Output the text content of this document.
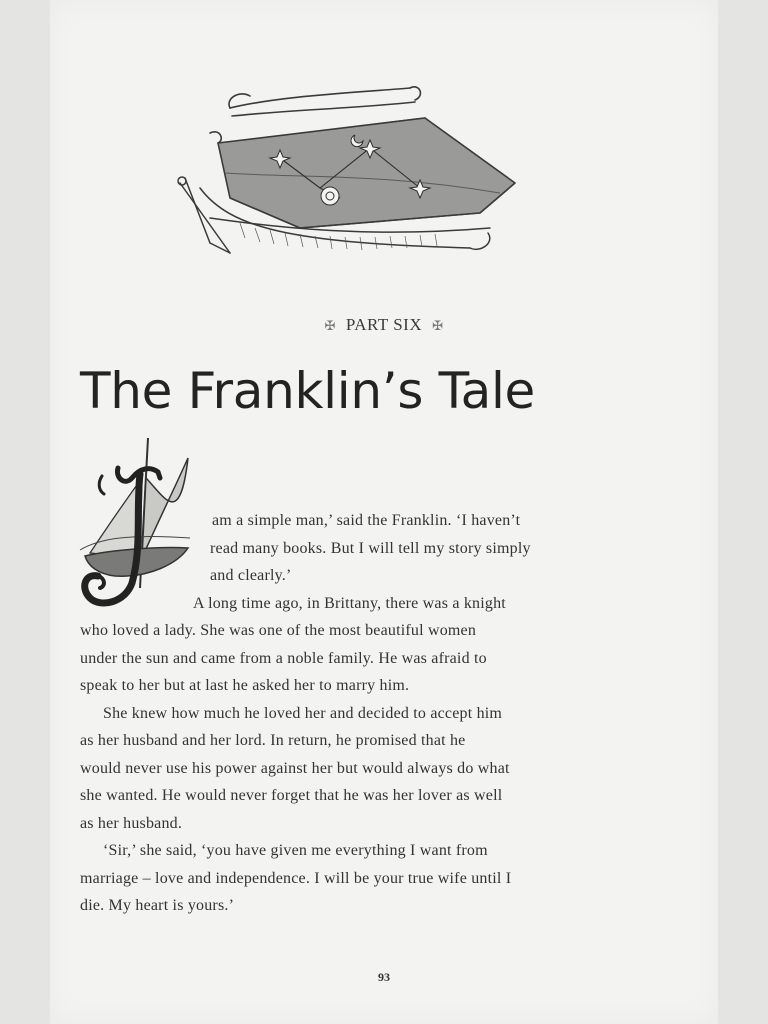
✠ PART SIX ✠
The Franklin’s Tale

am a simple man,’ said the Franklin. ‘I haven’t

read many books. But I will tell my story simply

and clearly.’

A long time ago, in Brittany, there was a knight

who loved a lady. She was one of the most beautiful women

under the sun and came from a noble family. He was afraid to

speak to her but at last he asked her to marry him.

She knew how much he loved her and decided to accept him

as her husband and her lord. In return, he promised that he

would never use his power against her but would always do what

she wanted. He would never forget that he was her lover as well

as her husband.

‘Sir,’ she said, ‘you have given me everything I want from

marriage – love and independence. I will be your true wife until I

die. My heart is yours.’

93
